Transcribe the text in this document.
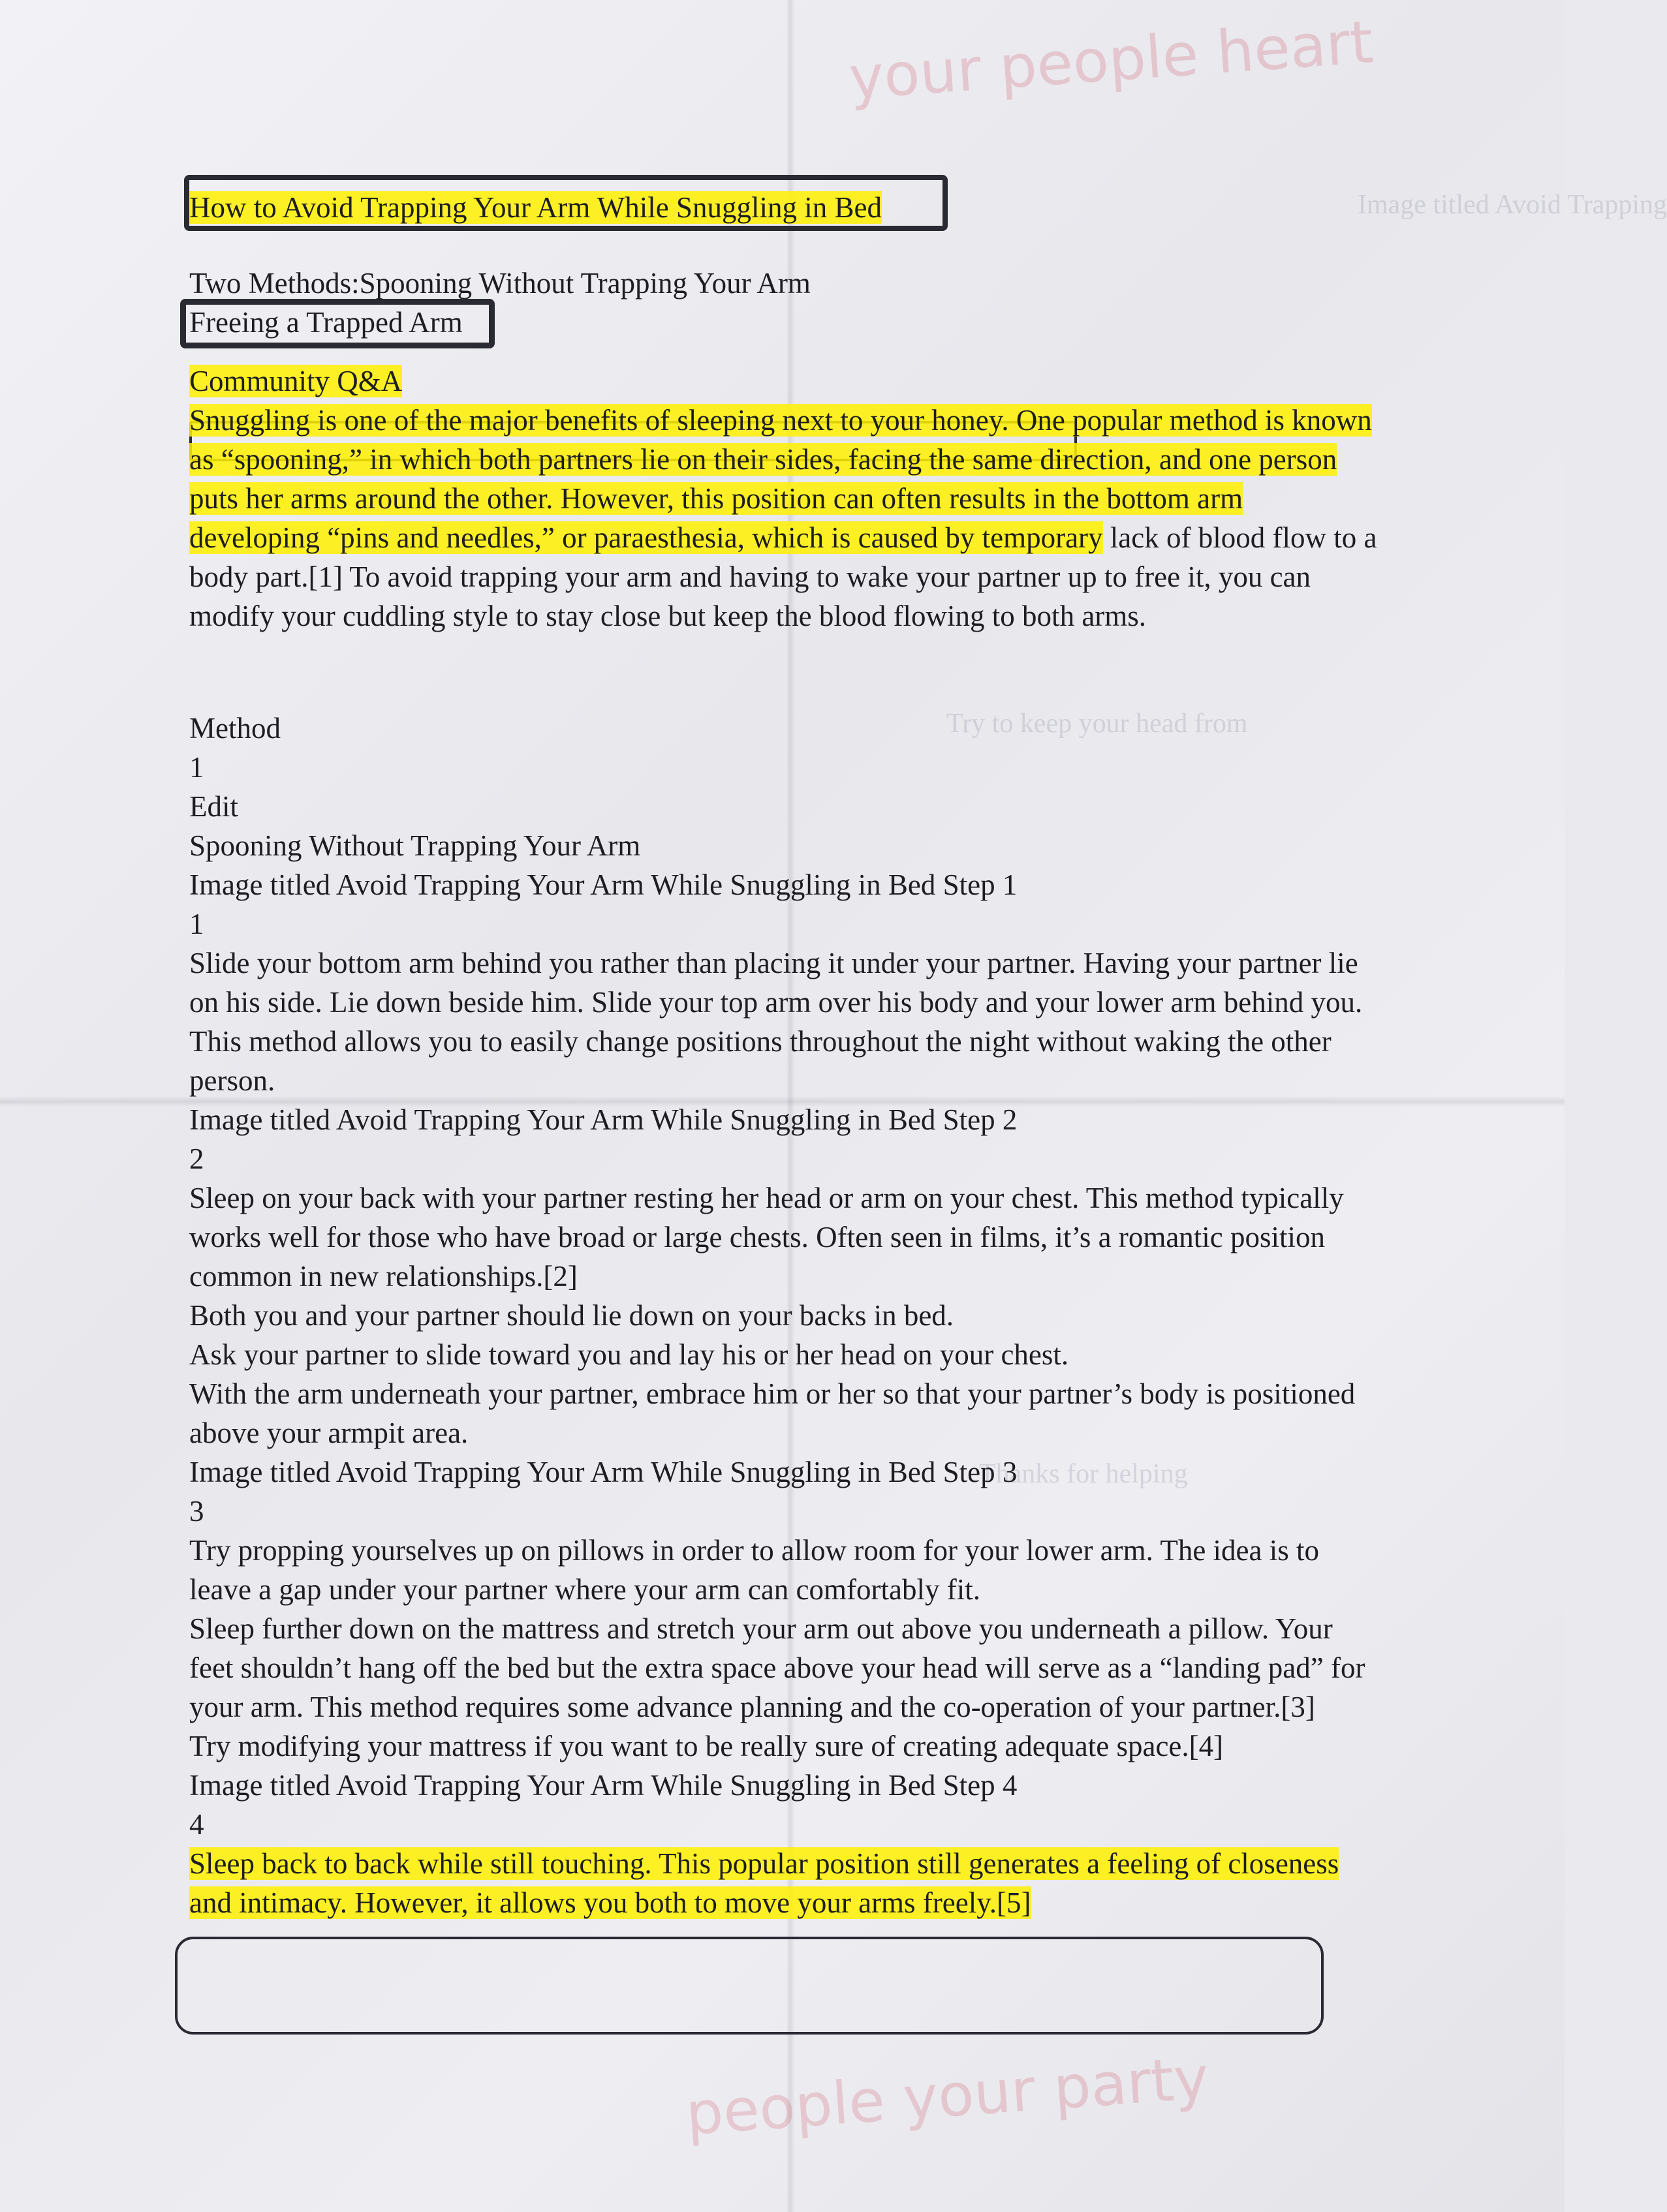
Image titled Avoid Trapping
Try to keep your head from
Thanks for helping
your people heart
people your party
How to Avoid Trapping Your Arm While Snuggling in Bed
Two Methods:Spooning Without Trapping Your Arm
Freeing a Trapped Arm
Community Q&A
Snuggling is one of the major benefits of sleeping next to your honey. One popular method is known as “spooning,” in which both partners lie on their sides, facing the same direction, and one person puts her arms around the other. However, this position can often results in the bottom arm developing “pins and needles,” or paraesthesia, which is caused by temporary lack of blood flow to a body part.[1] To avoid trapping your arm and having to wake your partner up to free it, you can modify your cuddling style to stay close but keep the blood flowing to both arms.
Method
1
Edit
Spooning Without Trapping Your Arm
Image titled Avoid Trapping Your Arm While Snuggling in Bed Step 1
1
Slide your bottom arm behind you rather than placing it under your partner. Having your partner lie on his side. Lie down beside him. Slide your top arm over his body and your lower arm behind you. This method allows you to easily change positions throughout the night without waking the other person.
Image titled Avoid Trapping Your Arm While Snuggling in Bed Step 2
2
Sleep on your back with your partner resting her head or arm on your chest. This method typically works well for those who have broad or large chests. Often seen in films, it’s a romantic position common in new relationships.[2]
Both you and your partner should lie down on your backs in bed.
Ask your partner to slide toward you and lay his or her head on your chest.
With the arm underneath your partner, embrace him or her so that your partner’s body is positioned above your armpit area.
Image titled Avoid Trapping Your Arm While Snuggling in Bed Step 3
3
Try propping yourselves up on pillows in order to allow room for your lower arm. The idea is to leave a gap under your partner where your arm can comfortably fit.
Sleep further down on the mattress and stretch your arm out above you underneath a pillow. Your feet shouldn’t hang off the bed but the extra space above your head will serve as a “landing pad” for your arm. This method requires some advance planning and the co-operation of your partner.[3]
Try modifying your mattress if you want to be really sure of creating adequate space.[4]
Image titled Avoid Trapping Your Arm While Snuggling in Bed Step 4
4
Sleep back to back while still touching. This popular position still generates a feeling of closeness and intimacy. However, it allows you both to move your arms freely.[5]
